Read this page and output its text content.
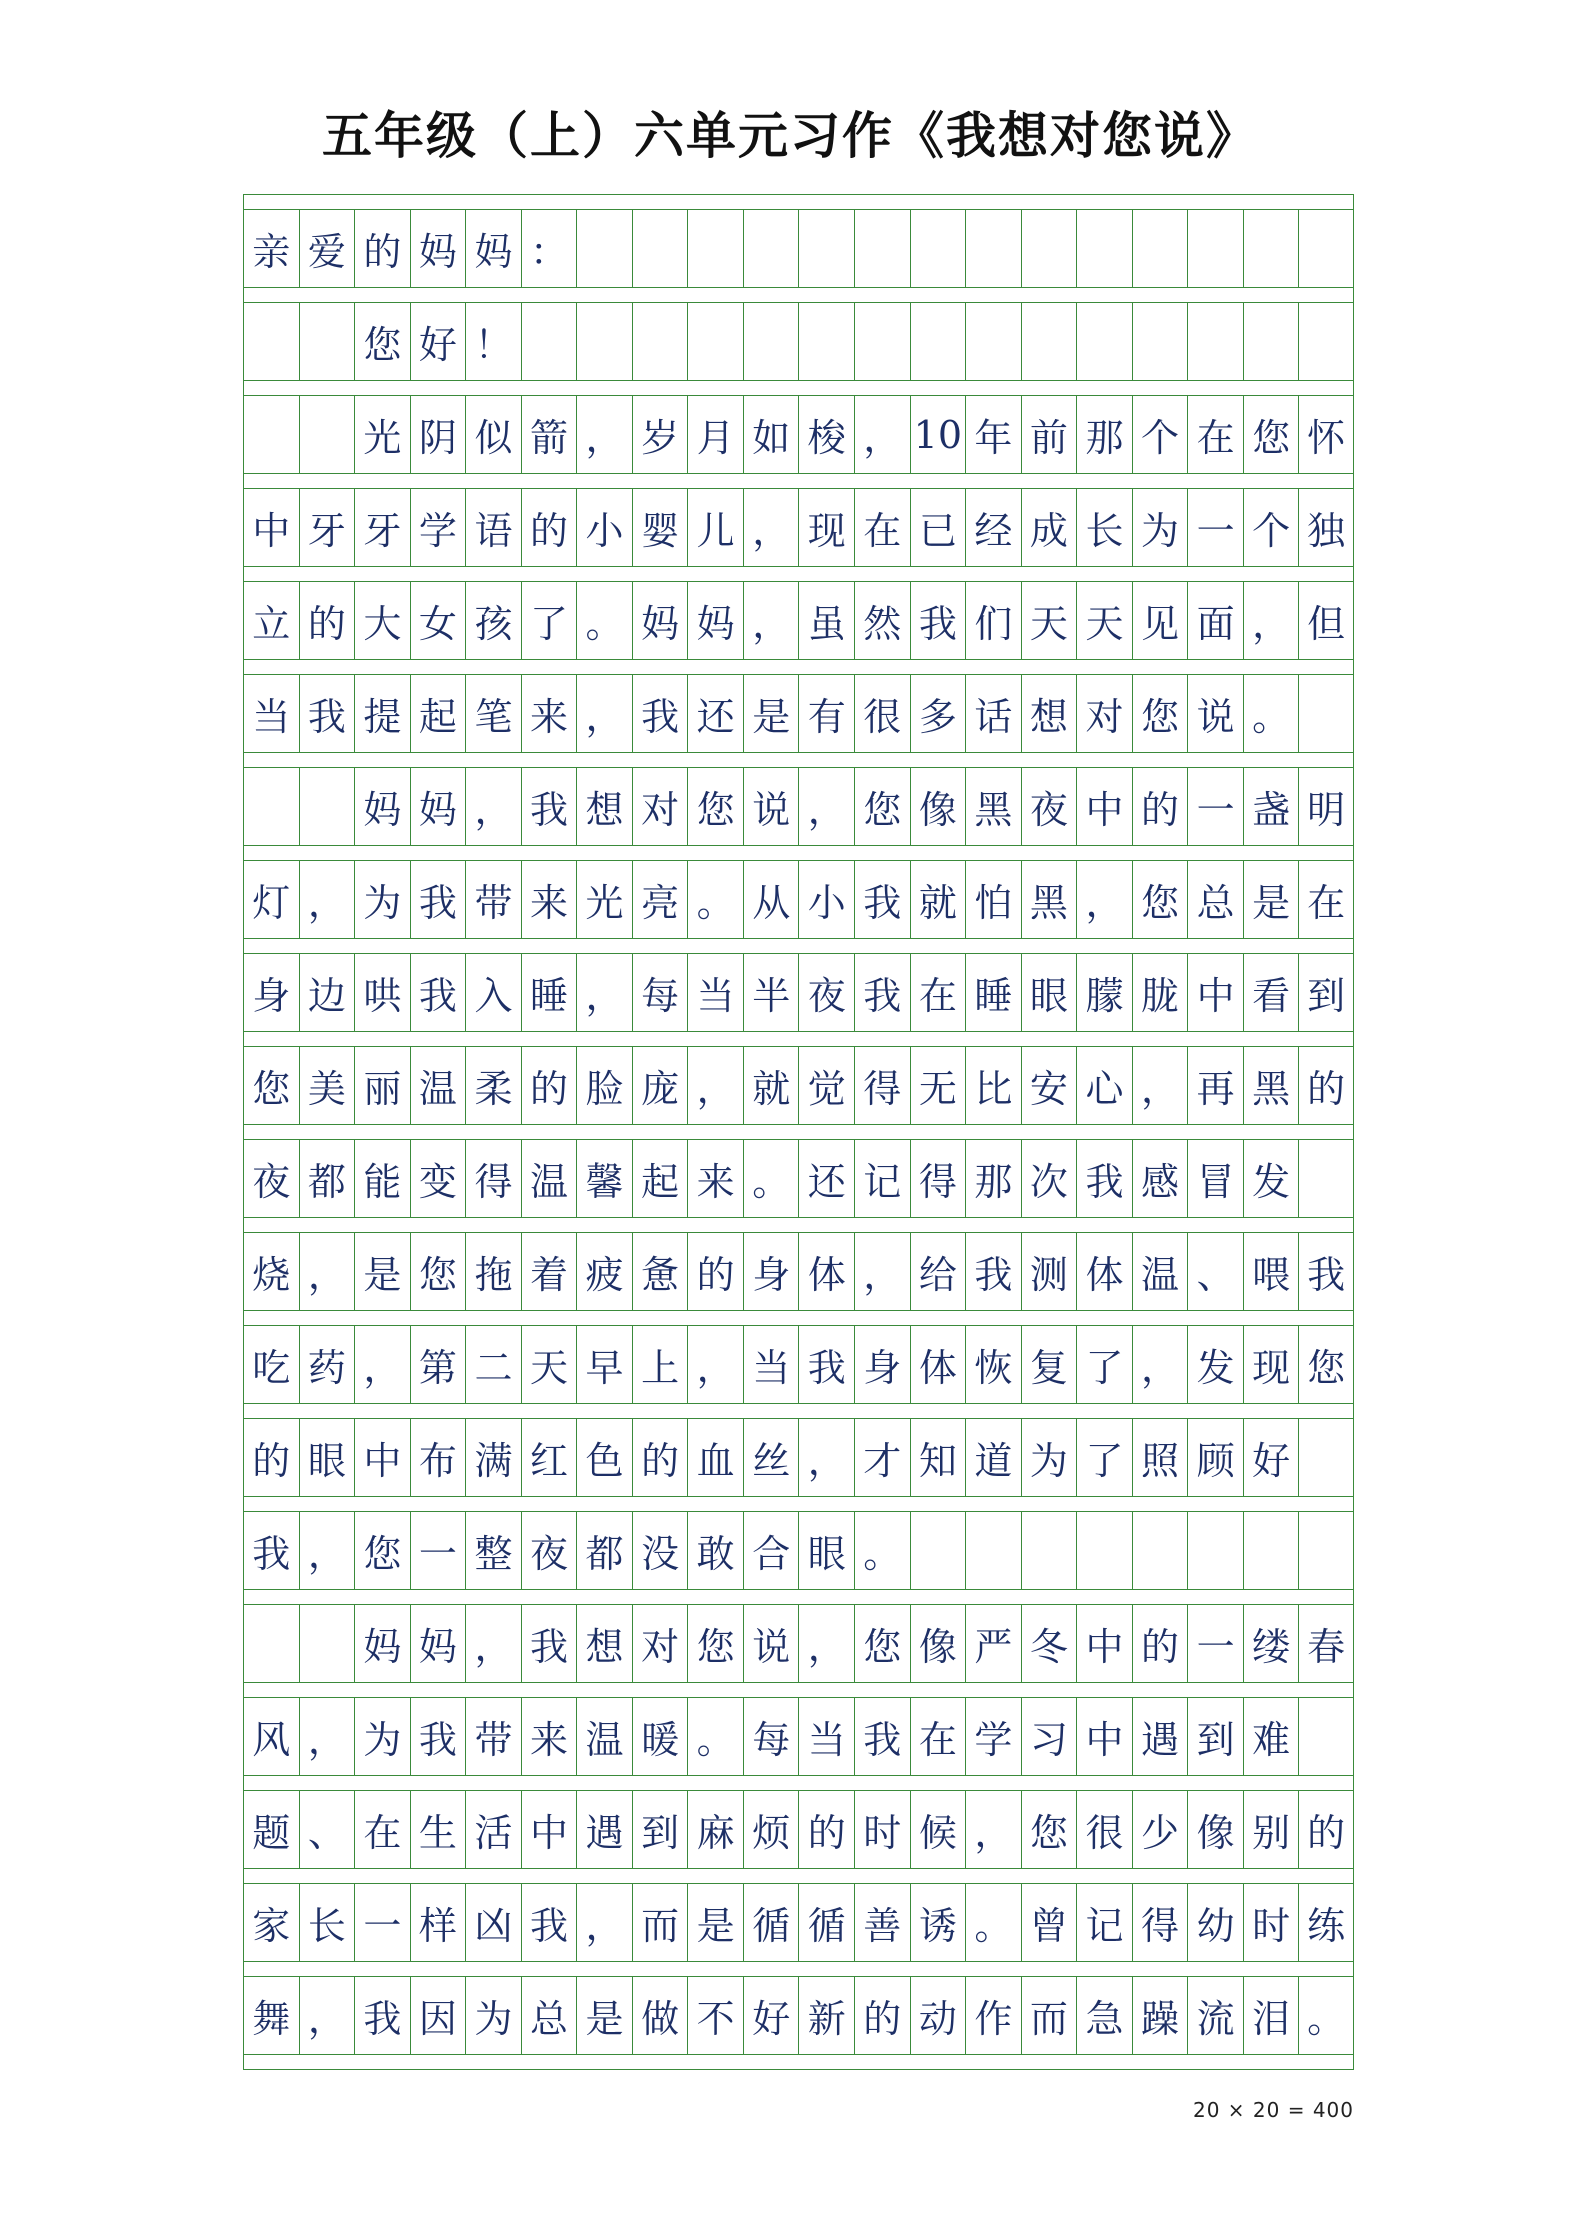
五年级（上）六单元习作《我想对您说》
亲 爱 的 妈 妈 ：
您 好 ！
光 阴 似 箭 ， 岁 月 如 梭 ， 10 年 前 那 个 在 您 怀
中 牙 牙 学 语 的 小 婴 儿 ， 现 在 已 经 成 长 为 一 个 独
立 的 大 女 孩 了 。 妈 妈 ， 虽 然 我 们 天 天 见 面 ， 但
当 我 提 起 笔 来 ， 我 还 是 有 很 多 话 想 对 您 说 。
妈 妈 ， 我 想 对 您 说 ， 您 像 黑 夜 中 的 一 盏 明
灯 ， 为 我 带 来 光 亮 。 从 小 我 就 怕 黑 ， 您 总 是 在
身 边 哄 我 入 睡 ， 每 当 半 夜 我 在 睡 眼 朦 胧 中 看 到
您 美 丽 温 柔 的 脸 庞 ， 就 觉 得 无 比 安 心 ， 再 黑 的
夜 都 能 变 得 温 馨 起 来 。 还 记 得 那 次 我 感 冒 发
烧 ， 是 您 拖 着 疲 惫 的 身 体 ， 给 我 测 体 温 、 喂 我
吃 药 ， 第 二 天 早 上 ， 当 我 身 体 恢 复 了 ， 发 现 您
的 眼 中 布 满 红 色 的 血 丝 ， 才 知 道 为 了 照 顾 好
我 ， 您 一 整 夜 都 没 敢 合 眼 。
妈 妈 ， 我 想 对 您 说 ， 您 像 严 冬 中 的 一 缕 春
风 ， 为 我 带 来 温 暖 。 每 当 我 在 学 习 中 遇 到 难
题 、 在 生 活 中 遇 到 麻 烦 的 时 候 ， 您 很 少 像 别 的
家 长 一 样 凶 我 ， 而 是 循 循 善 诱 。 曾 记 得 幼 时 练
舞 ， 我 因 为 总 是 做 不 好 新 的 动 作 而 急 躁 流 泪 。
20 × 20 = 400
